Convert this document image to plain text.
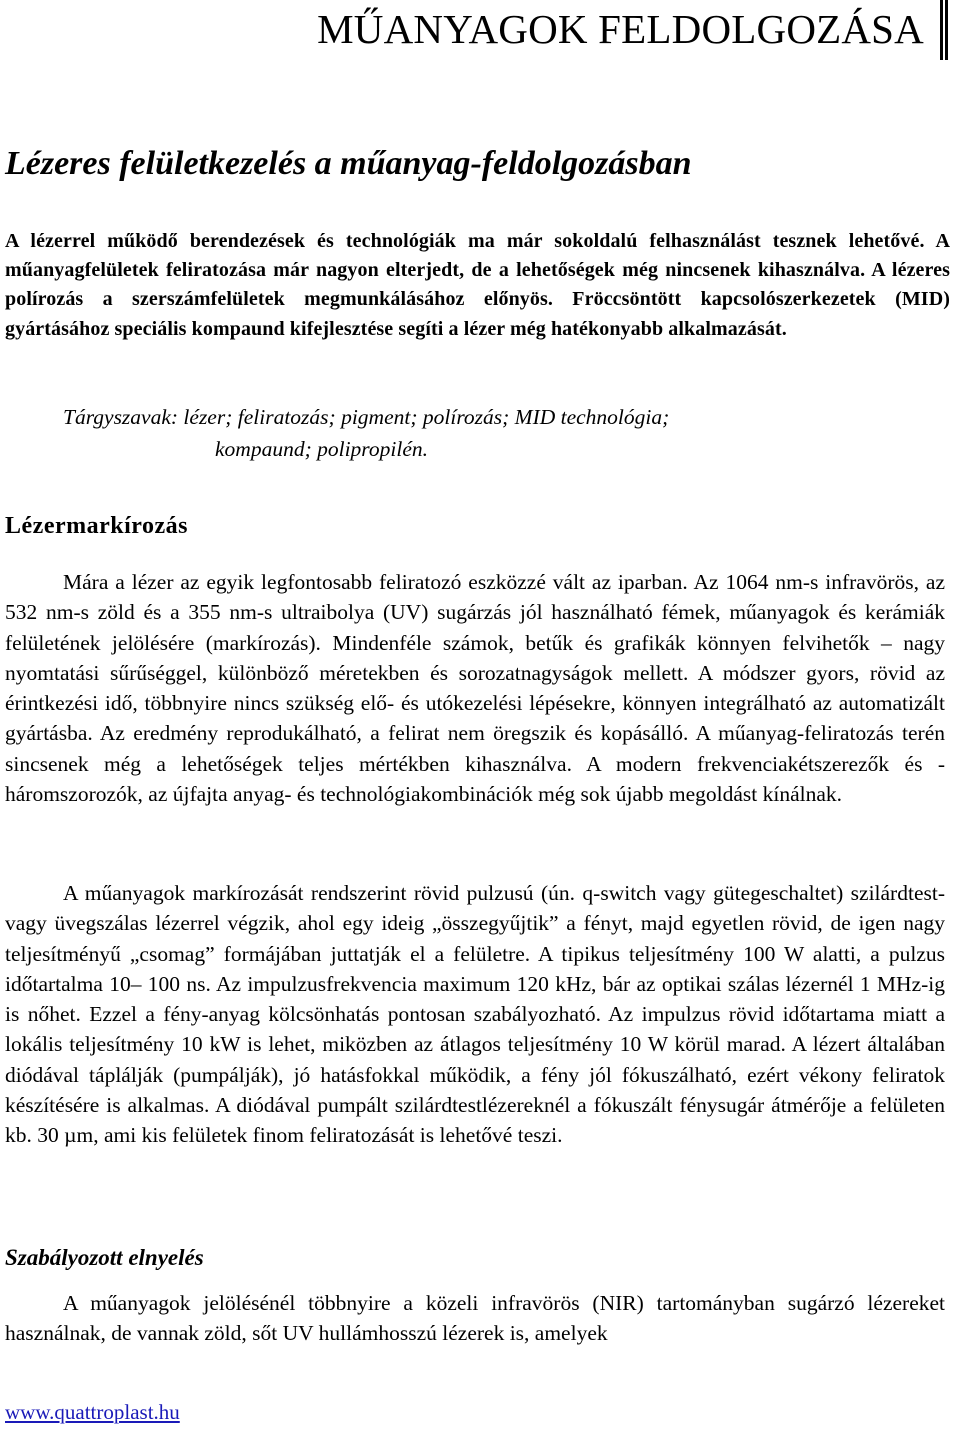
MŰANYAGOK FELDOLGOZÁSA
Lézeres felületkezelés a műanyag-feldolgozásban

A lézerrel működő berendezések és technológiák ma már sokoldalú felhasználást tesznek lehetővé. A műanyagfelületek feliratozása már nagyon elterjedt, de a lehetőségek még nincsenek kihasználva. A lézeres polírozás a szerszámfelületek megmunkálásához előnyös. Fröccsöntött kapcsolószerkezetek (MID) gyártásához speciális kompaund kifejlesztése segíti a lézer még hatékonyabb alkalmazását.

Tárgyszavak: lézer; feliratozás; pigment; polírozás; MID technológia;
kompaund; polipropilén.

Lézermarkírozás

Mára a lézer az egyik legfontosabb feliratozó eszközzé vált az iparban. Az 1064 nm-s infravörös, az 532 nm-s zöld és a 355 nm-s ultraibolya (UV) sugárzás jól használható fémek, műanyagok és kerámiák felületének jelölésére (markírozás). Mindenféle számok, betűk és grafikák könnyen felvihetők – nagy nyomtatási sűrűséggel, különböző méretekben és sorozatnagyságok mellett. A módszer gyors, rövid az érintkezési idő, többnyire nincs szükség elő- és utókezelési lépésekre, könnyen integrálható az automatizált gyártásba. Az eredmény reprodukálható, a felirat nem öregszik és kopásálló. A műanyag-feliratozás terén sincsenek még a lehetőségek teljes mértékben kihasználva. A modern frekvenciakétszerezők és -háromszorozók, az újfajta anyag- és technológiakombinációk még sok újabb megoldást kínálnak.

A műanyagok markírozását rendszerint rövid pulzusú (ún. q-switch vagy gütegeschaltet) szilárdtest- vagy üvegszálas lézerrel végzik, ahol egy ideig „összegyűjtik” a fényt, majd egyetlen rövid, de igen nagy teljesítményű „csomag” formájában juttatják el a felületre. A tipikus teljesítmény 100 W alatti, a pulzus időtartalma 10– 100 ns. Az impulzusfrekvencia maximum 120 kHz, bár az optikai szálas lézernél 1 MHz-ig is nőhet. Ezzel a fény-anyag kölcsönhatás pontosan szabályozható. Az impulzus rövid időtartama miatt a lokális teljesítmény 10 kW is lehet, miközben az átlagos teljesítmény 10 W körül marad. A lézert általában diódával táplálják (pumpálják), jó hatásfokkal működik, a fény jól fókuszálható, ezért vékony feliratok készítésére is alkalmas. A diódával pumpált szilárdtestlézereknél a fókuszált fénysugár átmérője a felületen kb. 30 µm, ami kis felületek finom feliratozását is lehetővé teszi.

Szabályozott elnyelés

A műanyagok jelölésénél többnyire a közeli infravörös (NIR) tartományban sugárzó lézereket használnak, de vannak zöld, sőt UV hullámhosszú lézerek is, amelyek

www.quattroplast.hu
